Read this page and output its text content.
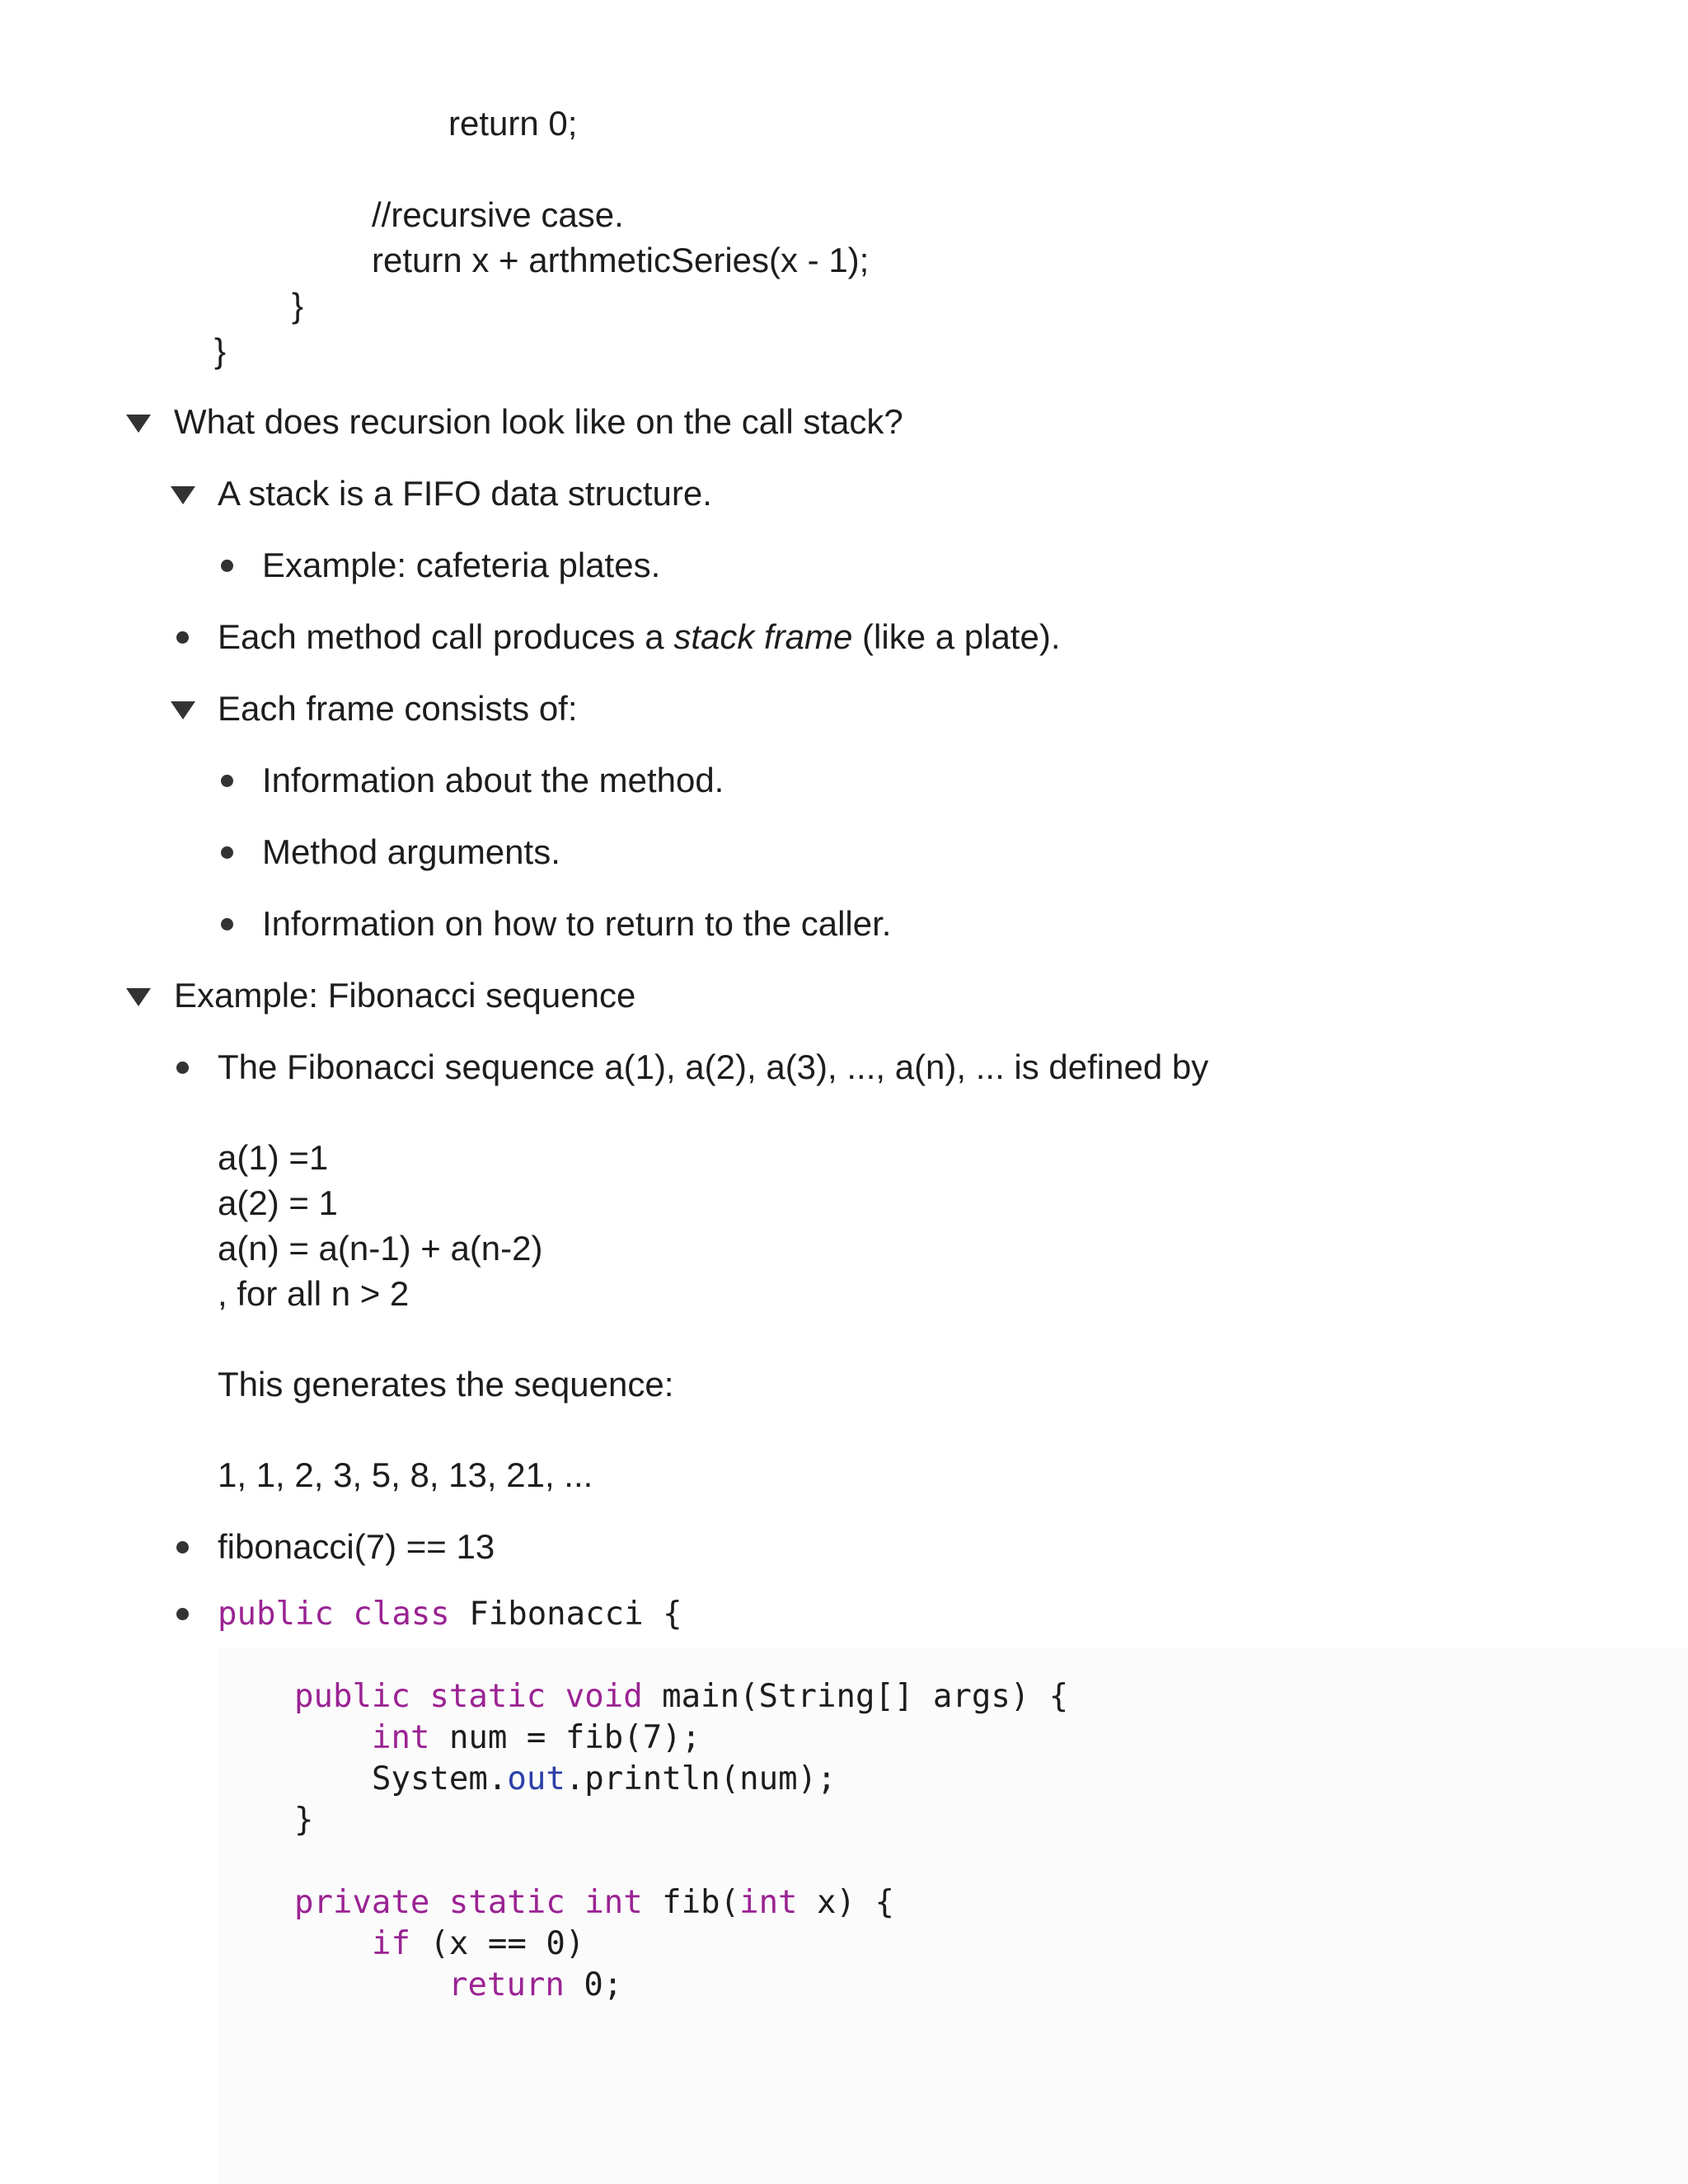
return 0;
//recursive case.
return x + arthmeticSeries(x - 1);
}
}
What does recursion look like on the call stack?
A stack is a FIFO data structure.
Example: cafeteria plates.
Each method call produces a stack frame (like a plate).
Each frame consists of:
Information about the method.
Method arguments.
Information on how to return to the caller.
Example: Fibonacci sequence
The Fibonacci sequence a(1), a(2), a(3), ..., a(n), ... is defined by
a(1) =1
a(2) = 1
a(n) = a(n-1) + a(n-2)
, for all n > 2
This generates the sequence:
1, 1, 2, 3, 5, 8, 13, 21, ...
fibonacci(7) == 13
public class Fibonacci {
public static void main(String[] args) {
int num = fib(7);
System.out.println(num);
}
private static int fib(int x) {
if (x == 0)
return 0;
